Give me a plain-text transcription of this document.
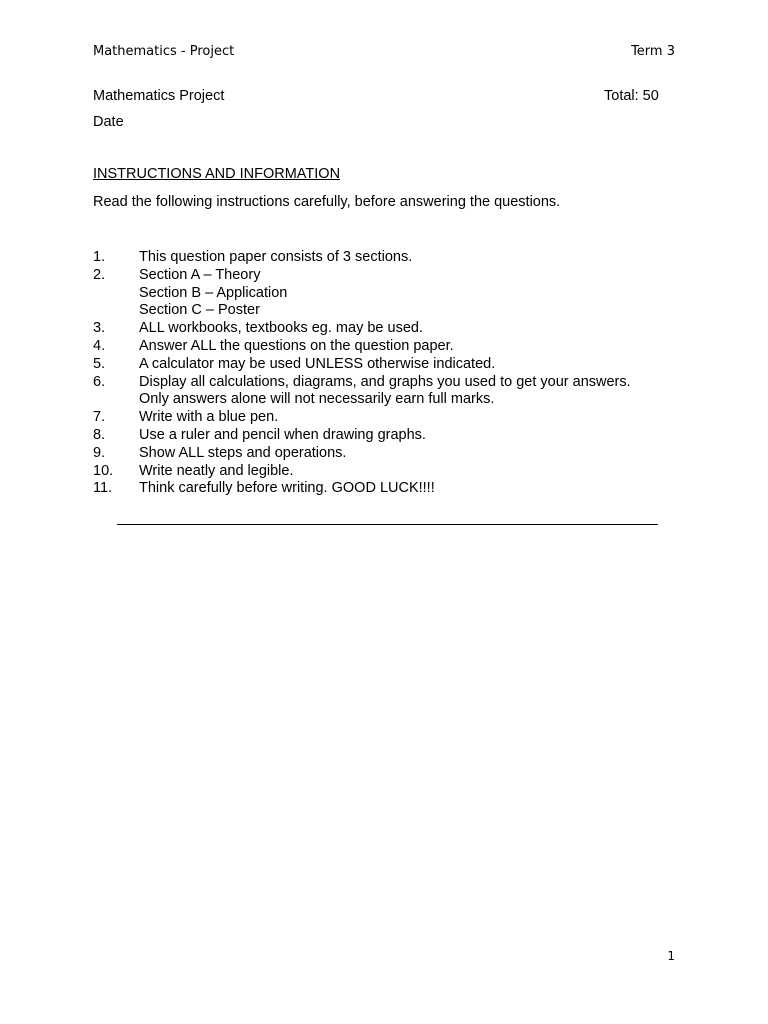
Mathematics - Project	Term 3
Mathematics Project	Total: 50
Date
INSTRUCTIONS AND INFORMATION
Read the following instructions carefully, before answering the questions.
1.	This question paper consists of 3 sections.
2.	Section A – Theory
Section B – Application
Section C – Poster
3.	ALL workbooks, textbooks eg. may be used.
4.	Answer ALL the questions on the question paper.
5.	A calculator may be used UNLESS otherwise indicated.
6.	Display all calculations, diagrams, and graphs you used to get your answers.
Only answers alone will not necessarily earn full marks.
7.	Write with a blue pen.
8.	Use a ruler and pencil when drawing graphs.
9.	Show ALL steps and operations.
10.	Write neatly and legible.
11.	Think carefully before writing. GOOD LUCK!!!!
1
